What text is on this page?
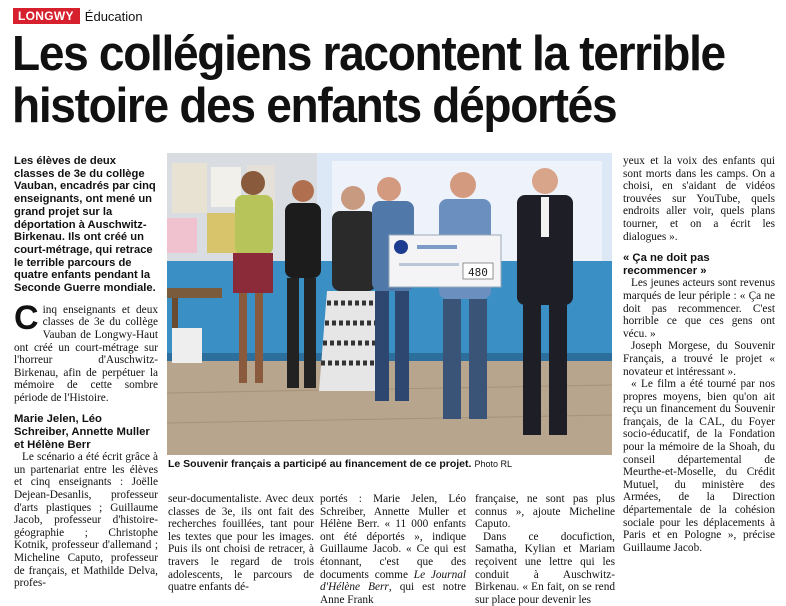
LONGWY Éducation
Les collégiens racontent la terrible histoire des enfants déportés

Les élèves de deux classes de 3e du collège Vauban, encadrés par cinq enseignants, ont mené un grand projet sur la déportation à Auschwitz-Birkenau. Ils ont créé un court-métrage, qui retrace le terrible parcours de quatre enfants pendant la Seconde Guerre mondiale.

Cinq enseignants et deux classes de 3e du collège Vauban de Longwy-Haut ont créé un court-métrage sur l'horreur d'Auschwitz-Birkenau, afin de perpétuer la mémoire de cette sombre période de l'Histoire.

Marie Jelen, Léo Schreiber, Annette Muller et Hélène Berr

Le scénario a été écrit grâce à un partenariat entre les élèves et cinq enseignants : Joëlle Dejean-Desanlis, professeur d'arts plastiques ; Guillaume Jacob, professeur d'histoire-géographie ; Christophe Kotnik, professeur d'allemand ; Micheline Caputo, professeur de français, et Mathilde Delva, profes-

480
Le Souvenir français a participé au financement de ce projet. Photo RL

seur-documentaliste. Avec deux classes de 3e, ils ont fait des recherches fouillées, tant pour les textes que pour les images. Puis ils ont choisi de retracer, à travers le regard de trois adolescents, le parcours de quatre enfants dé-

portés : Marie Jelen, Léo Schreiber, Annette Muller et Hélène Berr. « 11 000 enfants ont été déportés », indique Guillaume Jacob. « Ce qui est étonnant, c'est que des documents comme Le Journal d'Hélène Berr, qui est notre Anne Frank

française, ne sont pas plus connus », ajoute Micheline Caputo.

Dans ce docufiction, Samatha, Kylian et Mariam reçoivent une lettre qui les conduit à Auschwitz-Birkenau. « En fait, on se rend sur place pour devenir les

yeux et la voix des enfants qui sont morts dans les camps. On a choisi, en s'aidant de vidéos trouvées sur YouTube, quels endroits aller voir, quels plans tourner, et on a écrit les dialogues ».

« Ça ne doit pas recommencer »

Les jeunes acteurs sont revenus marqués de leur périple : « Ça ne doit pas recommencer. C'est horrible ce que ces gens ont vécu. »

Joseph Morgese, du Souvenir Français, a trouvé le projet « novateur et intéressant ».

« Le film a été tourné par nos propres moyens, bien qu'on ait reçu un financement du Souvenir français, de la CAL, du Foyer socio-éducatif, de la Fondation pour la mémoire de la Shoah, du conseil départemental de Meurthe-et-Moselle, du Crédit Mutuel, du ministère des Armées, de la Direction départementale de la cohésion sociale pour les déplacements à Paris et en Pologne », précise Guillaume Jacob.
